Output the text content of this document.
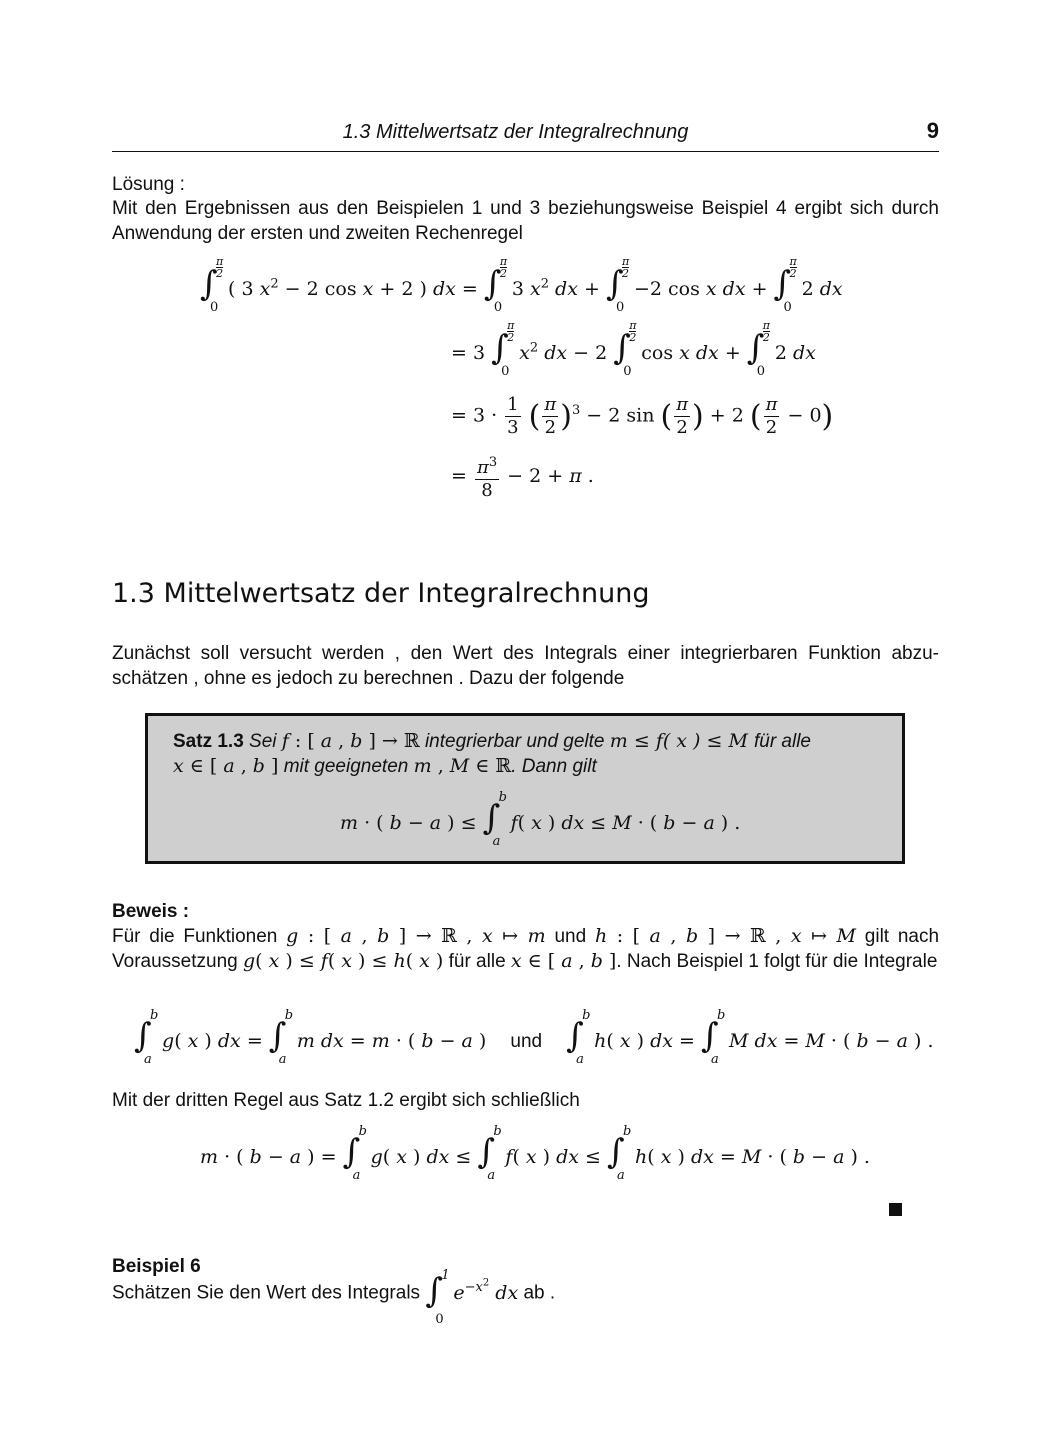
1.3 Mittelwertsatz der Integralrechnung	9
Lösung :
Mit den Ergebnissen aus den Beispielen 1 und 3 beziehungsweise Beispiel 4 ergibt sich durch Anwendung der ersten und zweiten Rechenregel
∫
$\frac{\pi}{2}$
0
( 3 $x^2 - 2$ cos x + 2 ) dx = ∫
$\frac{\pi}{2}$
0
3 $x^2$ dx + ∫
$\frac{\pi}{2}$
0
−2 cos x dx + ∫
$\frac{\pi}{2}$
0
2 dx
= 3 ∫
$\frac{\pi}{2}$
0
$x^2$ dx − 2 ∫
$\frac{\pi}{2}$
0
cos x dx + ∫
$\frac{\pi}{2}$
0
2 dx
= $3 \cdot \frac{1}{3}$ ( $\frac{\pi}{2} )^3 - 2$ sin ( $\frac{\pi}{2}$ ) + 2 ( $\frac{\pi}{2} - 0$)
= $\frac{\pi^3}{8} - 2 + \pi$ .
1.3 Mittelwertsatz der Integralrechnung
Zunächst soll versucht werden , den Wert des Integrals einer integrierbaren Funktion abzuschätzen , ohne es jedoch zu berechnen . Dazu der folgende
Satz 1.3 Sei f : [ a , b ] → ℝ integrierbar und gelte m ≤ f( x ) ≤ M für alle
x ∈ [ a , b ] mit geeigneten m , M ∈ ℝ. Dann gilt
m · ( b − a ) ≤ ∫
b
a
f( x ) dx ≤ M · ( b − a ) .
Beweis :
Für die Funktionen g : [ a , b ] → ℝ , x ↦ m und h : [ a , b ] → ℝ , x ↦ M gilt nach Voraussetzung g( x ) ≤ f( x ) ≤ h( x ) für alle x ∈ [ a , b ]. Nach Beispiel 1 folgt für die Integrale
∫
b
a
g( x ) dx = ∫
b
a
m dx = m · ( b − a ) und ∫
b
a
h( x ) dx = ∫
b
a
M dx = M · ( b − a ) .
Mit der dritten Regel aus Satz 1.2 ergibt sich schließlich
m · ( b − a ) = ∫
b
a
g( x ) dx ≤ ∫
b
a
f( x ) dx ≤ ∫
b
a
h( x ) dx = M · ( b − a ) .
Beispiel 6
Schätzen Sie den Wert des Integrals ∫
1
0
$e^{-x^2}$ dx ab .
